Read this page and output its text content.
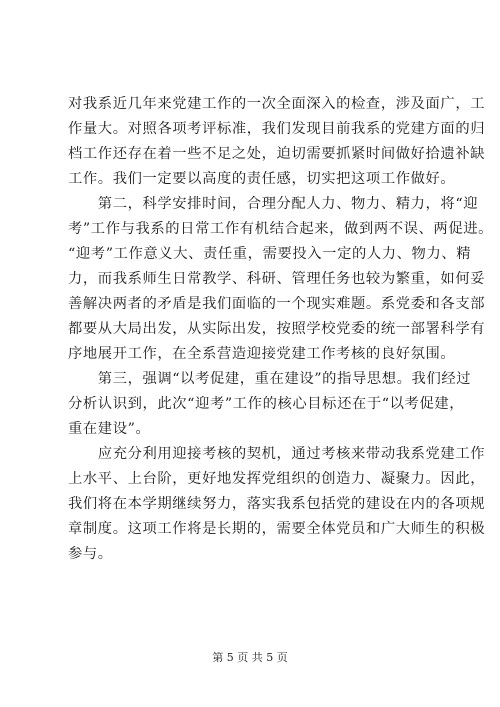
对我系近几年来党建工作的一次全面深入的检查，涉及面广，工
作量大。对照各项考评标准，我们发现目前我系的党建方面的归
档工作还存在着一些不足之处，迫切需要抓紧时间做好拾遗补缺
工作。我们一定要以高度的责任感，切实把这项工作做好。
　　第二，科学安排时间，合理分配人力、物力、精力，将“迎
考”工作与我系的日常工作有机结合起来，做到两不误、两促进。
“迎考”工作意义大、责任重，需要投入一定的人力、物力、精
力，而我系师生日常教学、科研、管理任务也较为繁重，如何妥
善解决两者的矛盾是我们面临的一个现实难题。系党委和各支部
都要从大局出发，从实际出发，按照学校党委的统一部署科学有
序地展开工作，在全系营造迎接党建工作考核的良好氛围。
　　第三，强调“以考促建，重在建设”的指导思想。我们经过
分析认识到，此次“迎考”工作的核心目标还在于“以考促建，
重在建设”。
　　应充分利用迎接考核的契机，通过考核来带动我系党建工作
上水平、上台阶，更好地发挥党组织的创造力、凝聚力。因此，
我们将在本学期继续努力，落实我系包括党的建设在内的各项规
章制度。这项工作将是长期的，需要全体党员和广大师生的积极
参与。
第 5 页 共 5 页
